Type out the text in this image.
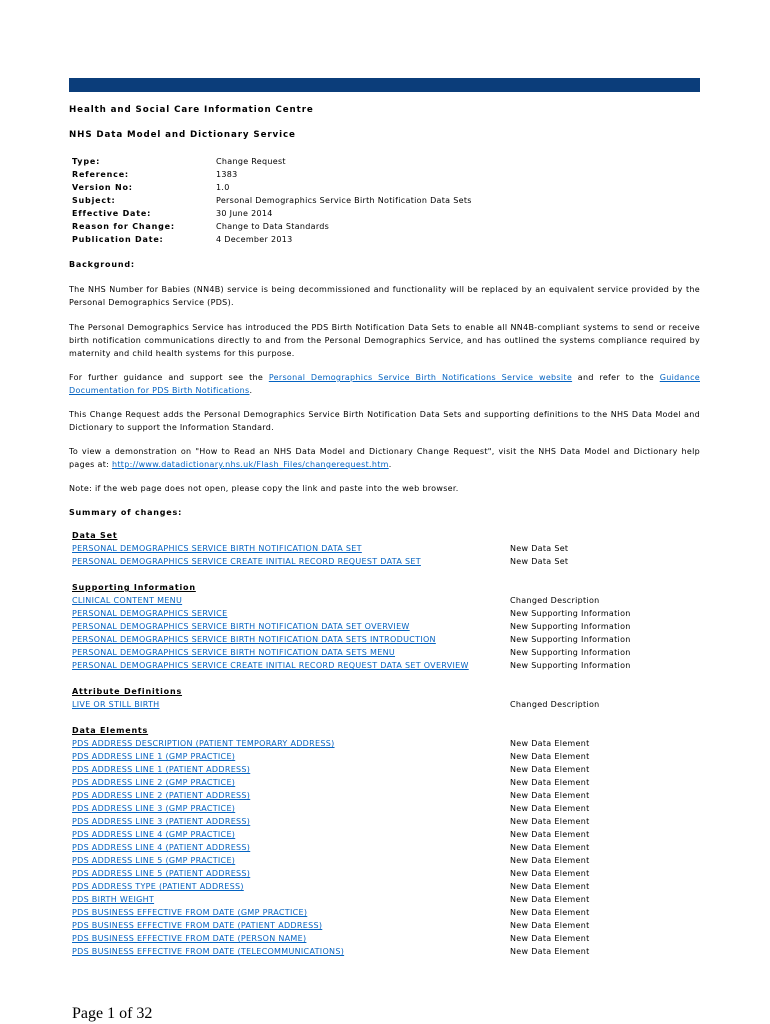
Health and Social Care Information Centre
NHS Data Model and Dictionary Service
Type:	Change Request
Reference:	1383
Version No:	1.0
Subject:	Personal Demographics Service Birth Notification Data Sets
Effective Date:	30 June 2014
Reason for Change:	Change to Data Standards
Publication Date:	4 December 2013
Background:
The NHS Number for Babies (NN4B) service is being decommissioned and functionality will be replaced by an equivalent service provided by the Personal Demographics Service (PDS).
The Personal Demographics Service has introduced the PDS Birth Notification Data Sets to enable all NN4B-compliant systems to send or receive birth notification communications directly to and from the Personal Demographics Service, and has outlined the systems compliance required by maternity and child health systems for this purpose.
For further guidance and support see the Personal Demographics Service Birth Notifications Service website and refer to the Guidance Documentation for PDS Birth Notifications.
This Change Request adds the Personal Demographics Service Birth Notification Data Sets and supporting definitions to the NHS Data Model and Dictionary to support the Information Standard.
To view a demonstration on "How to Read an NHS Data Model and Dictionary Change Request", visit the NHS Data Model and Dictionary help pages at: http://www.datadictionary.nhs.uk/Flash_Files/changerequest.htm.
Note: if the web page does not open, please copy the link and paste into the web browser.
Summary of changes:
Data Set
PERSONAL DEMOGRAPHICS SERVICE BIRTH NOTIFICATION DATA SET	New Data Set
PERSONAL DEMOGRAPHICS SERVICE CREATE INITIAL RECORD REQUEST DATA SET	New Data Set
Supporting Information
CLINICAL CONTENT MENU	Changed Description
PERSONAL DEMOGRAPHICS SERVICE	New Supporting Information
PERSONAL DEMOGRAPHICS SERVICE BIRTH NOTIFICATION DATA SET OVERVIEW	New Supporting Information
PERSONAL DEMOGRAPHICS SERVICE BIRTH NOTIFICATION DATA SETS INTRODUCTION	New Supporting Information
PERSONAL DEMOGRAPHICS SERVICE BIRTH NOTIFICATION DATA SETS MENU	New Supporting Information
PERSONAL DEMOGRAPHICS SERVICE CREATE INITIAL RECORD REQUEST DATA SET OVERVIEW	New Supporting Information
Attribute Definitions
LIVE OR STILL BIRTH	Changed Description
Data Elements
PDS ADDRESS DESCRIPTION (PATIENT TEMPORARY ADDRESS)	New Data Element
PDS ADDRESS LINE 1 (GMP PRACTICE)	New Data Element
PDS ADDRESS LINE 1 (PATIENT ADDRESS)	New Data Element
PDS ADDRESS LINE 2 (GMP PRACTICE)	New Data Element
PDS ADDRESS LINE 2 (PATIENT ADDRESS)	New Data Element
PDS ADDRESS LINE 3 (GMP PRACTICE)	New Data Element
PDS ADDRESS LINE 3 (PATIENT ADDRESS)	New Data Element
PDS ADDRESS LINE 4 (GMP PRACTICE)	New Data Element
PDS ADDRESS LINE 4 (PATIENT ADDRESS)	New Data Element
PDS ADDRESS LINE 5 (GMP PRACTICE)	New Data Element
PDS ADDRESS LINE 5 (PATIENT ADDRESS)	New Data Element
PDS ADDRESS TYPE (PATIENT ADDRESS)	New Data Element
PDS BIRTH WEIGHT	New Data Element
PDS BUSINESS EFFECTIVE FROM DATE (GMP PRACTICE)	New Data Element
PDS BUSINESS EFFECTIVE FROM DATE (PATIENT ADDRESS)	New Data Element
PDS BUSINESS EFFECTIVE FROM DATE (PERSON NAME)	New Data Element
PDS BUSINESS EFFECTIVE FROM DATE (TELECOMMUNICATIONS)	New Data Element
Page 1 of 32
